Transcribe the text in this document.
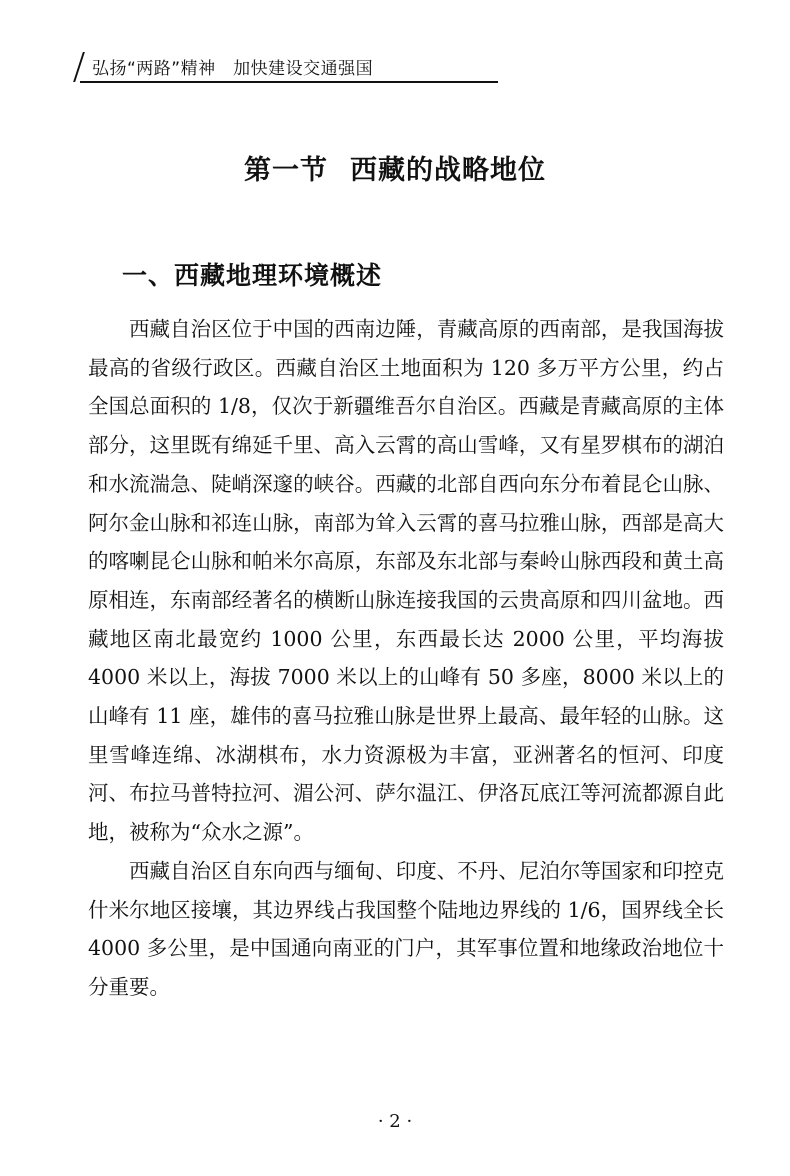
弘扬“两路”精神　加快建设交通强国
第一节 西藏的战略地位
一、西藏地理环境概述

西藏自治区位于中国的西南边陲，青藏高原的西南部，是我国海拔最高的省级行政区。西藏自治区土地面积为 120 多万平方公里，约占全国总面积的 1/8，仅次于新疆维吾尔自治区。西藏是青藏高原的主体部分，这里既有绵延千里、高入云霄的高山雪峰，又有星罗棋布的湖泊和水流湍急、陡峭深邃的峡谷。西藏的北部自西向东分布着昆仑山脉、阿尔金山脉和祁连山脉，南部为耸入云霄的喜马拉雅山脉，西部是高大的喀喇昆仑山脉和帕米尔高原，东部及东北部与秦岭山脉西段和黄土高原相连，东南部经著名的横断山脉连接我国的云贵高原和四川盆地。西藏地区南北最宽约 1000 公里，东西最长达 2000 公里，平均海拔 4000 米以上，海拔 7000 米以上的山峰有 50 多座，8000 米以上的山峰有 11 座，雄伟的喜马拉雅山脉是世界上最高、最年轻的山脉。这里雪峰连绵、冰湖棋布，水力资源极为丰富，亚洲著名的恒河、印度河、布拉马普特拉河、湄公河、萨尔温江、伊洛瓦底江等河流都源自此地，被称为“众水之源”。

西藏自治区自东向西与缅甸、印度、不丹、尼泊尔等国家和印控克什米尔地区接壤，其边界线占我国整个陆地边界线的 1/6，国界线全长 4000 多公里，是中国通向南亚的门户，其军事位置和地缘政治地位十分重要。

· 2 ·
